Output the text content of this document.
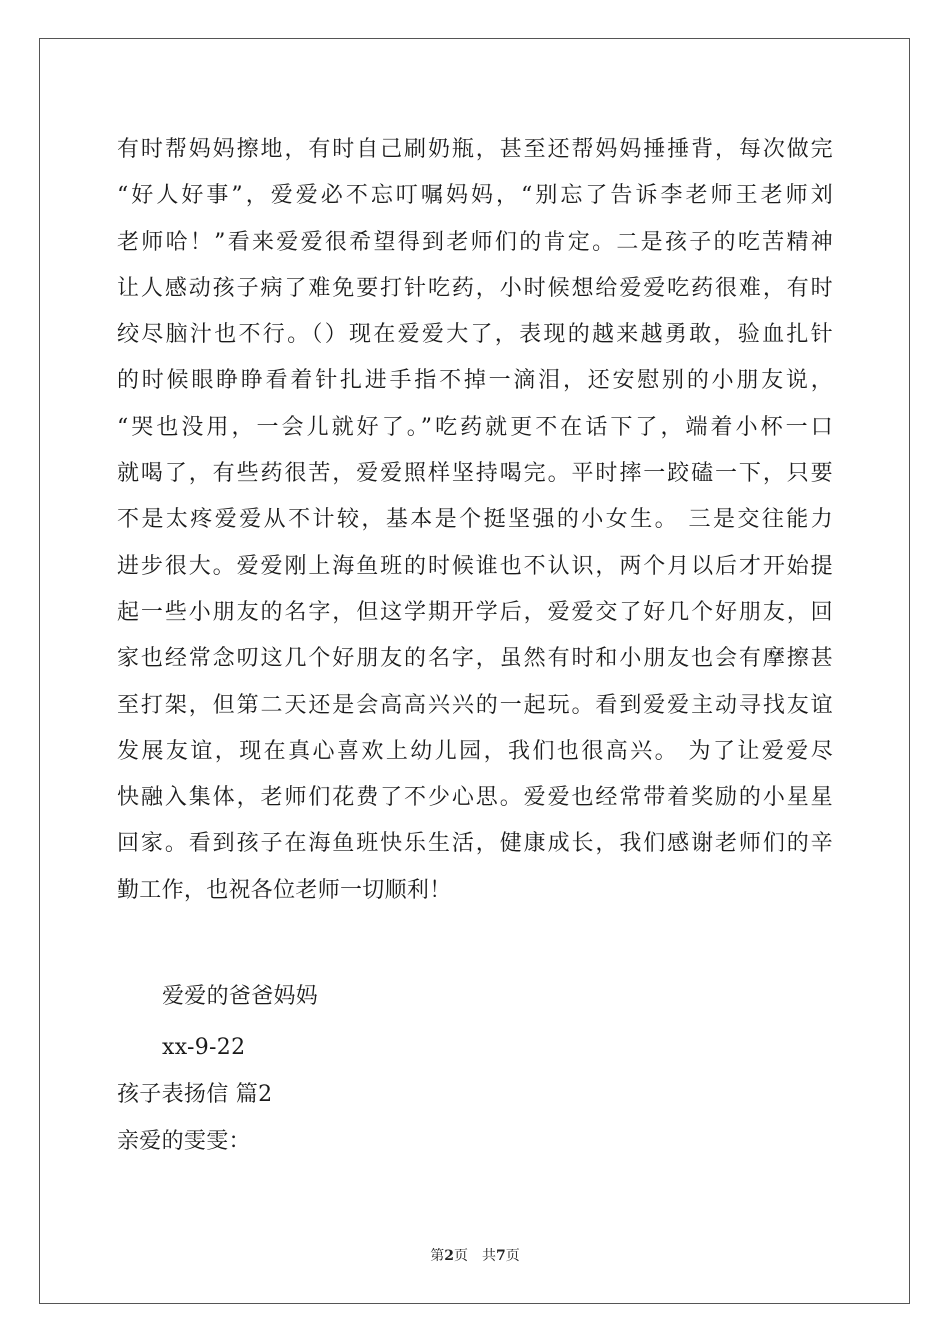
有时帮妈妈擦地，有时自己刷奶瓶，甚至还帮妈妈捶捶背，每次做完
“好人好事”，爱爱必不忘叮嘱妈妈，“别忘了告诉李老师王老师刘
老师哈！”看来爱爱很希望得到老师们的肯定。二是孩子的吃苦精神
让人感动孩子病了难免要打针吃药，小时候想给爱爱吃药很难，有时
绞尽脑汁也不行。（）现在爱爱大了，表现的越来越勇敢，验血扎针
的时候眼睁睁看着针扎进手指不掉一滴泪，还安慰别的小朋友说，
“哭也没用，一会儿就好了。”吃药就更不在话下了，端着小杯一口
就喝了，有些药很苦，爱爱照样坚持喝完。平时摔一跤磕一下，只要
不是太疼爱爱从不计较，基本是个挺坚强的小女生。 三是交往能力
进步很大。爱爱刚上海鱼班的时候谁也不认识，两个月以后才开始提
起一些小朋友的名字，但这学期开学后，爱爱交了好几个好朋友，回
家也经常念叨这几个好朋友的名字，虽然有时和小朋友也会有摩擦甚
至打架，但第二天还是会高高兴兴的一起玩。看到爱爱主动寻找友谊
发展友谊，现在真心喜欢上幼儿园，我们也很高兴。 为了让爱爱尽
快融入集体，老师们花费了不少心思。爱爱也经常带着奖励的小星星
回家。看到孩子在海鱼班快乐生活，健康成长，我们感谢老师们的辛
勤工作，也祝各位老师一切顺利！
爱爱的爸爸妈妈
xx-9-22
孩子表扬信 篇2
亲爱的雯雯：
第2页 共7页
